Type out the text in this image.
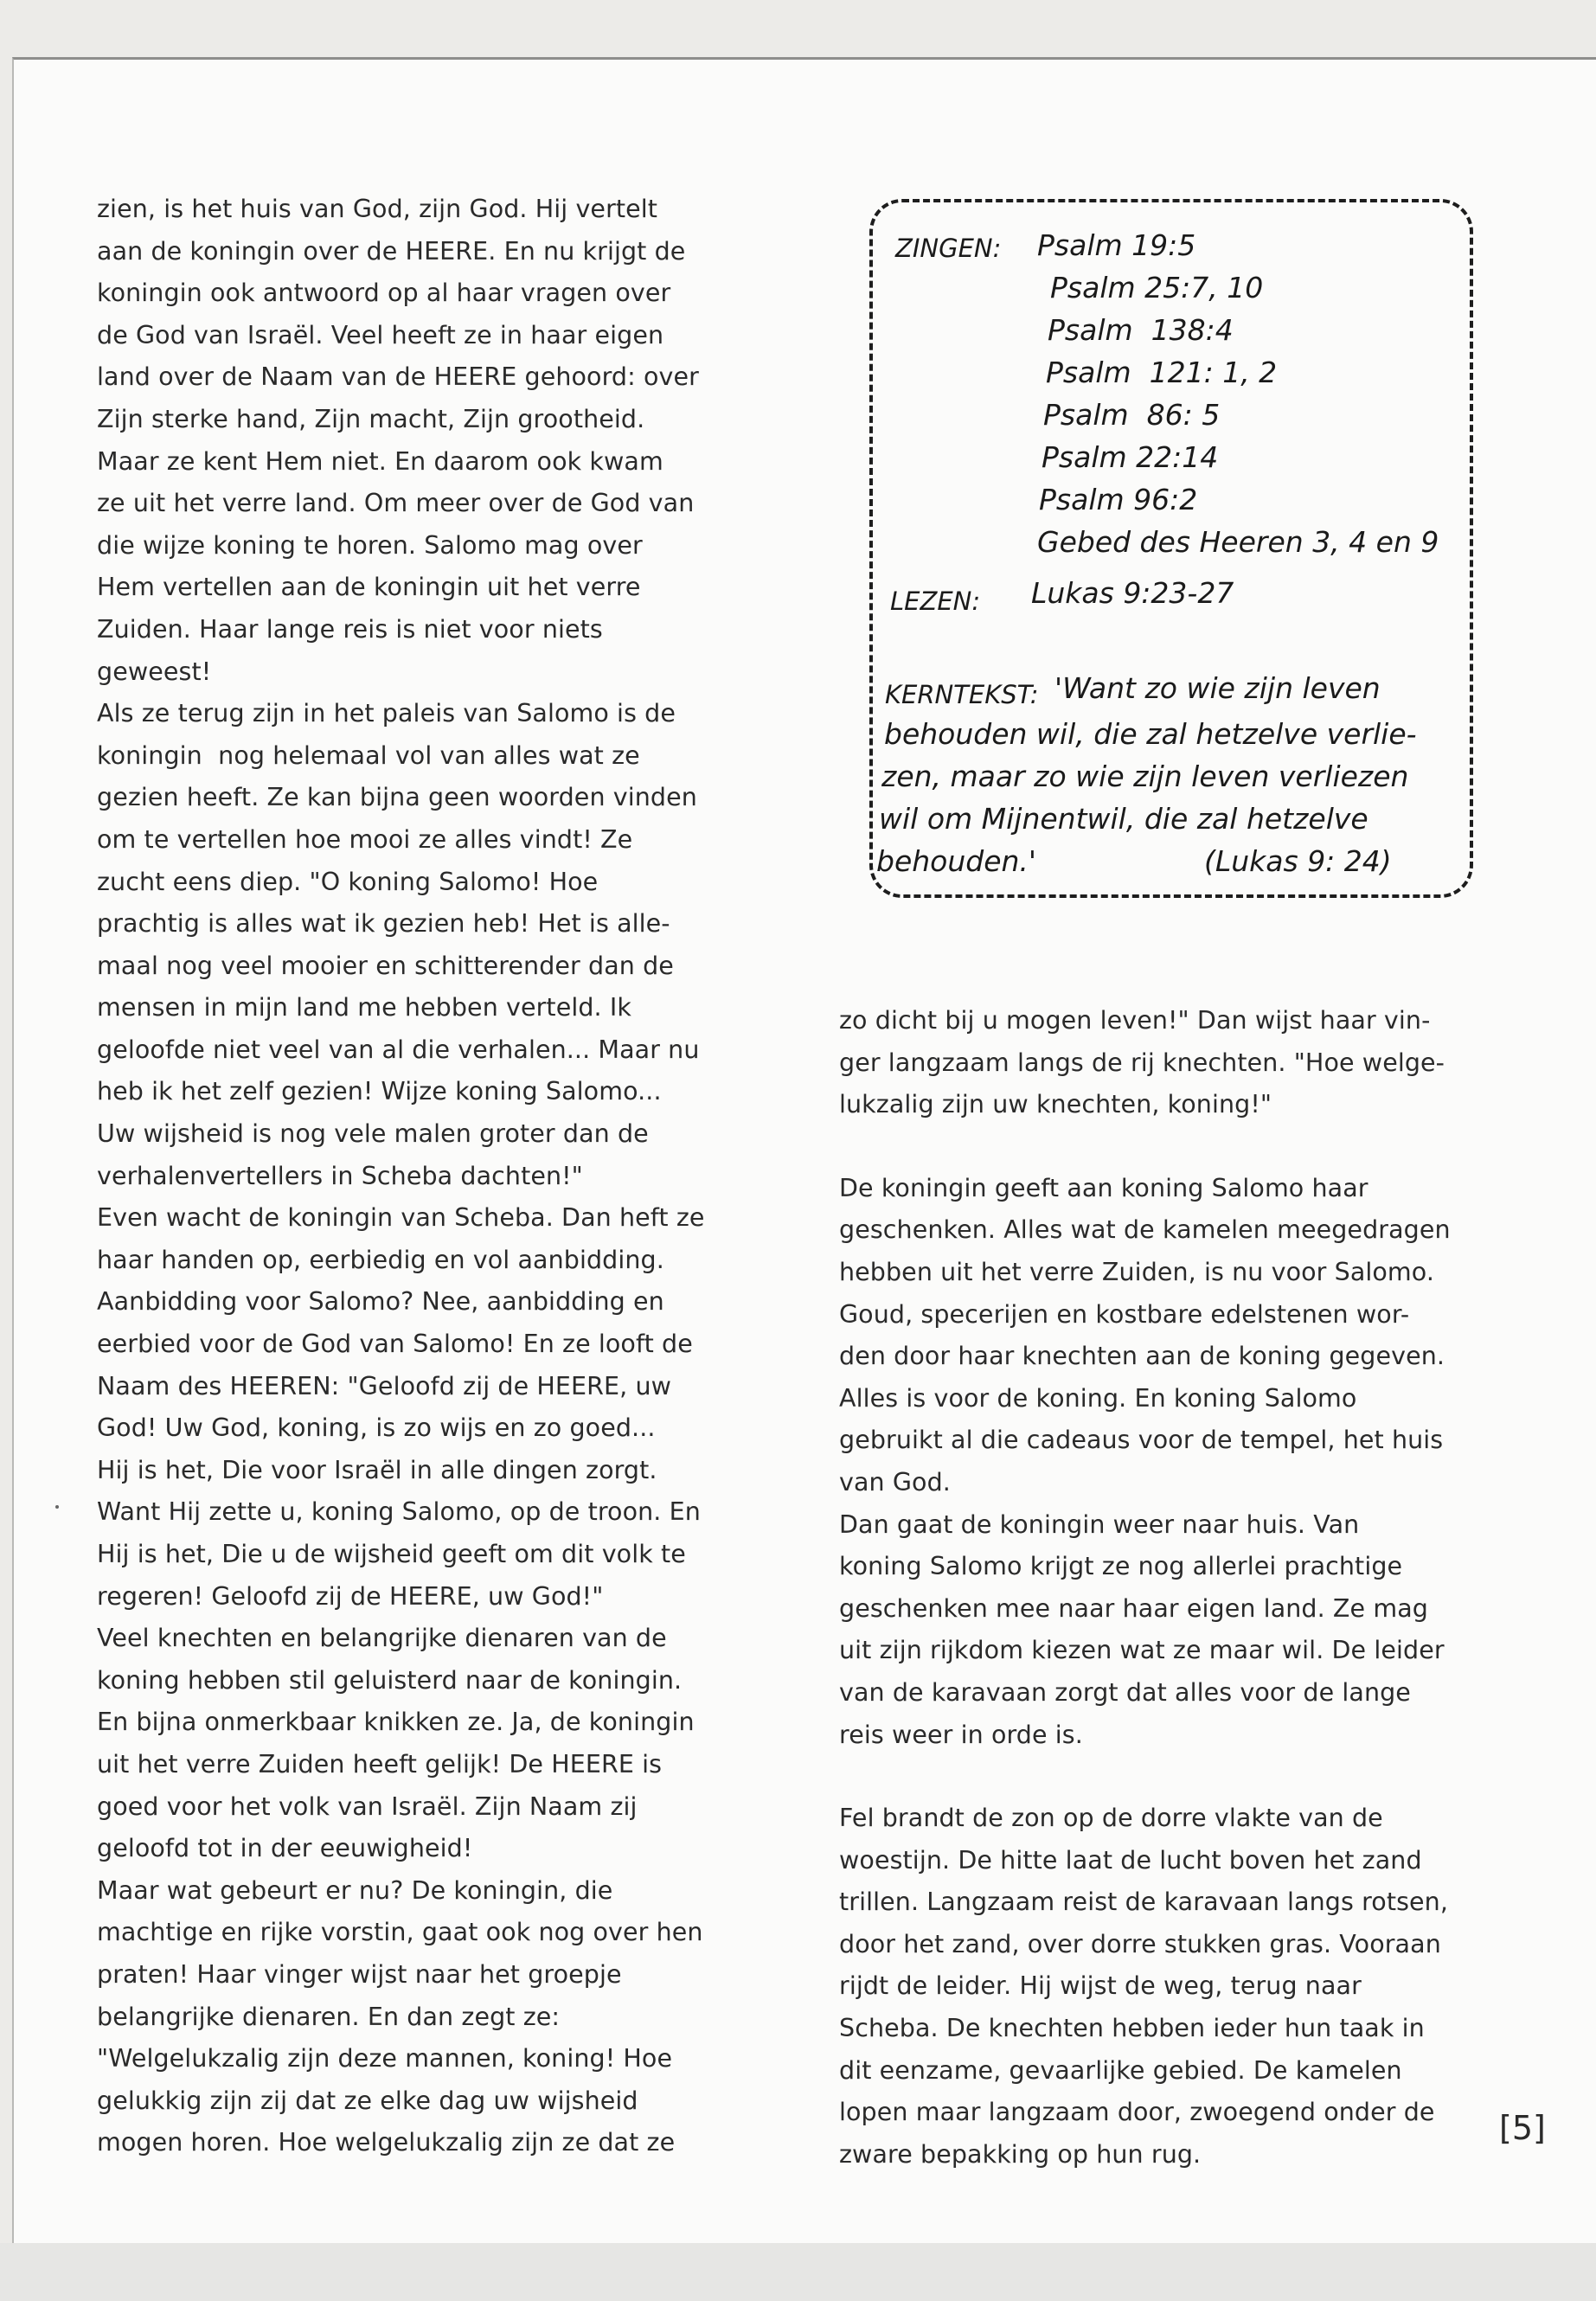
zien, is het huis van God, zijn God. Hij vertelt

aan de koningin over de HEERE. En nu krijgt de

koningin ook antwoord op al haar vragen over

de God van Israël. Veel heeft ze in haar eigen

land over de Naam van de HEERE gehoord: over

Zijn sterke hand, Zijn macht, Zijn grootheid.

Maar ze kent Hem niet. En daarom ook kwam

ze uit het verre land. Om meer over de God van

die wijze koning te horen. Salomo mag over

Hem vertellen aan de koningin uit het verre

Zuiden. Haar lange reis is niet voor niets

geweest!

Als ze terug zijn in het paleis van Salomo is de

koningin  nog helemaal vol van alles wat ze

gezien heeft. Ze kan bijna geen woorden vinden

om te vertellen hoe mooi ze alles vindt! Ze

zucht eens diep. "O koning Salomo! Hoe

prachtig is alles wat ik gezien heb! Het is alle-

maal nog veel mooier en schitterender dan de

mensen in mijn land me hebben verteld. Ik

geloofde niet veel van al die verhalen... Maar nu

heb ik het zelf gezien! Wijze koning Salomo...

Uw wijsheid is nog vele malen groter dan de

verhalenvertellers in Scheba dachten!"

Even wacht de koningin van Scheba. Dan heft ze

haar handen op, eerbiedig en vol aanbidding.

Aanbidding voor Salomo? Nee, aanbidding en

eerbied voor de God van Salomo! En ze looft de

Naam des HEEREN: "Geloofd zij de HEERE, uw

God! Uw God, koning, is zo wijs en zo goed...

Hij is het, Die voor Israël in alle dingen zorgt.

Want Hij zette u, koning Salomo, op de troon. En

Hij is het, Die u de wijsheid geeft om dit volk te

regeren! Geloofd zij de HEERE, uw God!"

Veel knechten en belangrijke dienaren van de

koning hebben stil geluisterd naar de koningin.

En bijna onmerkbaar knikken ze. Ja, de koningin

uit het verre Zuiden heeft gelijk! De HEERE is

goed voor het volk van Israël. Zijn Naam zij

geloofd tot in der eeuwigheid!

Maar wat gebeurt er nu? De koningin, die

machtige en rijke vorstin, gaat ook nog over hen

praten! Haar vinger wijst naar het groepje

belangrijke dienaren. En dan zegt ze:

"Welgelukzalig zijn deze mannen, koning! Hoe

gelukkig zijn zij dat ze elke dag uw wijsheid

mogen horen. Hoe welgelukzalig zijn ze dat ze

ZINGEN: Psalm 19:5
Psalm 25:7, 10
Psalm  138:4
Psalm  121: 1, 2
Psalm  86: 5
Psalm 22:14
Psalm 96:2
Gebed des Heeren 3, 4 en 9
LEZEN: Lukas 9:23-27
KERNTEKST: 'Want zo wie zijn leven
behouden wil, die zal hetzelve verlie-
zen, maar zo wie zijn leven verliezen
wil om Mijnentwil, die zal hetzelve
behouden.'	(Lukas 9: 24)

zo dicht bij u mogen leven!" Dan wijst haar vin-

ger langzaam langs de rij knechten. "Hoe welge-

lukzalig zijn uw knechten, koning!"

De koningin geeft aan koning Salomo haar

geschenken. Alles wat de kamelen meegedragen

hebben uit het verre Zuiden, is nu voor Salomo.

Goud, specerijen en kostbare edelstenen wor-

den door haar knechten aan de koning gegeven.

Alles is voor de koning. En koning Salomo

gebruikt al die cadeaus voor de tempel, het huis

van God.

Dan gaat de koningin weer naar huis. Van

koning Salomo krijgt ze nog allerlei prachtige

geschenken mee naar haar eigen land. Ze mag

uit zijn rijkdom kiezen wat ze maar wil. De leider

van de karavaan zorgt dat alles voor de lange

reis weer in orde is.

Fel brandt de zon op de dorre vlakte van de

woestijn. De hitte laat de lucht boven het zand

trillen. Langzaam reist de karavaan langs rotsen,

door het zand, over dorre stukken gras. Vooraan

rijdt de leider. Hij wijst de weg, terug naar

Scheba. De knechten hebben ieder hun taak in

dit eenzame, gevaarlijke gebied. De kamelen

lopen maar langzaam door, zwoegend onder de

zware bepakking op hun rug.

[5]
